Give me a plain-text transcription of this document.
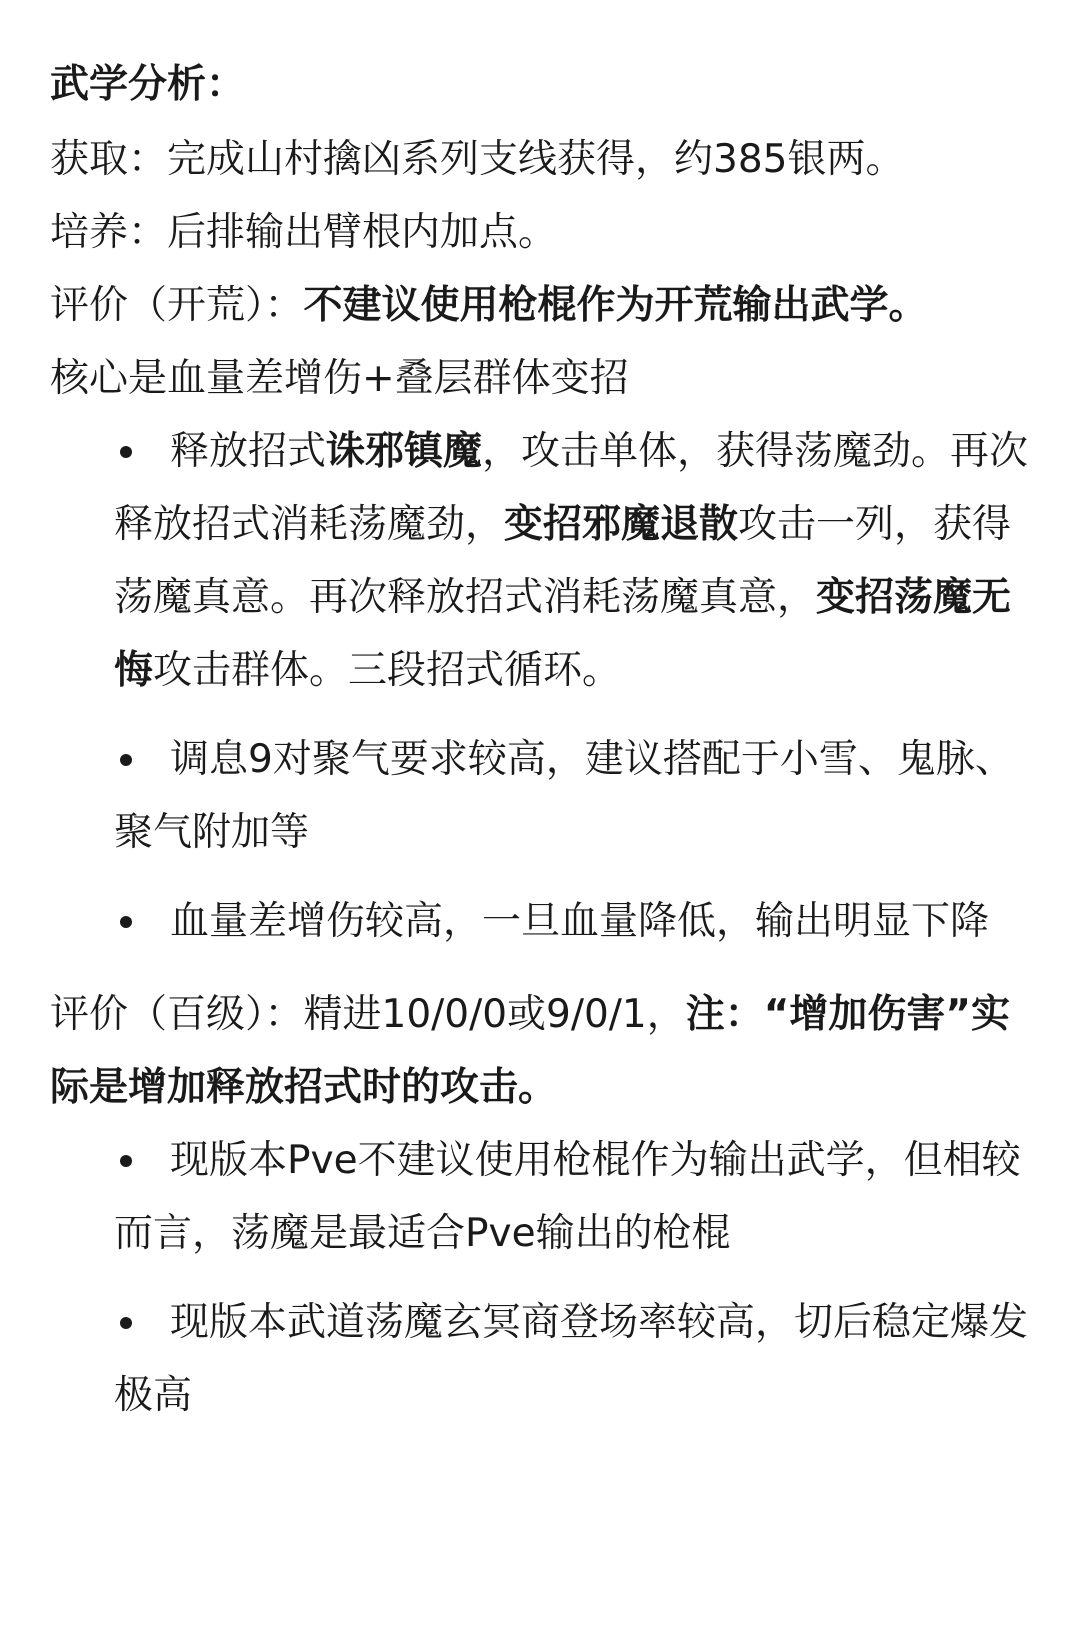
武学分析：

获取：完成山村擒凶系列支线获得，约385银两。

培养：后排输出臂根内加点。

评价（开荒）：不建议使用枪棍作为开荒输出武学。

核心是血量差增伤+叠层群体变招

释放招式诛邪镇魔，攻击单体，获得荡魔劲。再次释放招式消耗荡魔劲，变招邪魔退散攻击一列，获得荡魔真意。再次释放招式消耗荡魔真意，变招荡魔无悔攻击群体。三段招式循环。
调息9对聚气要求较高，建议搭配于小雪、鬼脉、聚气附加等
血量差增伤较高，一旦血量降低，输出明显下降

评价（百级）：精进10/0/0或9/0/1，注：“增加伤害”实际是增加释放招式时的攻击。

现版本Pve不建议使用枪棍作为输出武学，但相较而言，荡魔是最适合Pve输出的枪棍
现版本武道荡魔玄冥商登场率较高，切后稳定爆发极高
